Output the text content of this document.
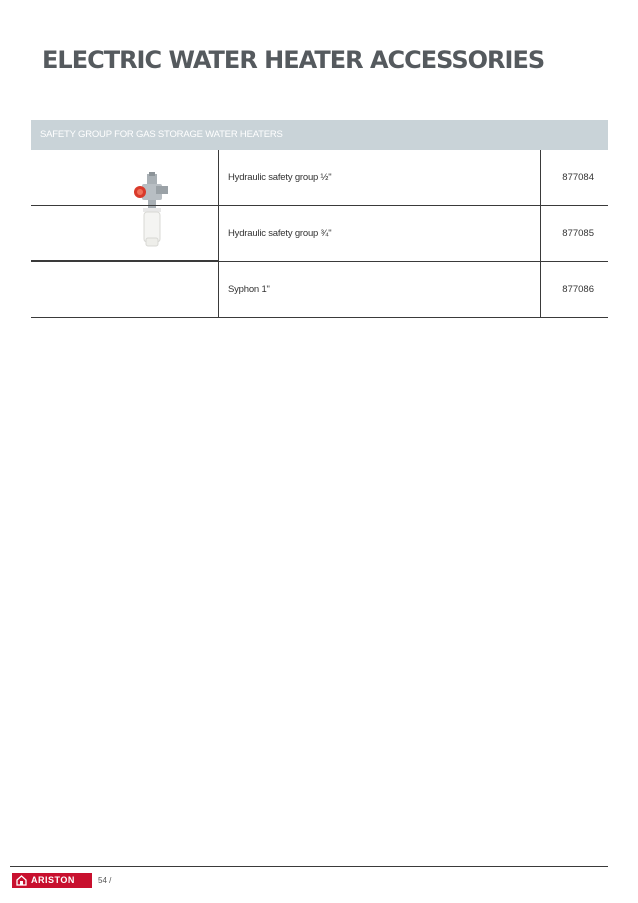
ELECTRIC WATER HEATER ACCESSORIES
SAFETY GROUP FOR GAS STORAGE WATER HEATERS
Hydraulic safety group ½"	877084
Hydraulic safety group ¾"	877085
Syphon 1"	877086
ARISTON	54 /
